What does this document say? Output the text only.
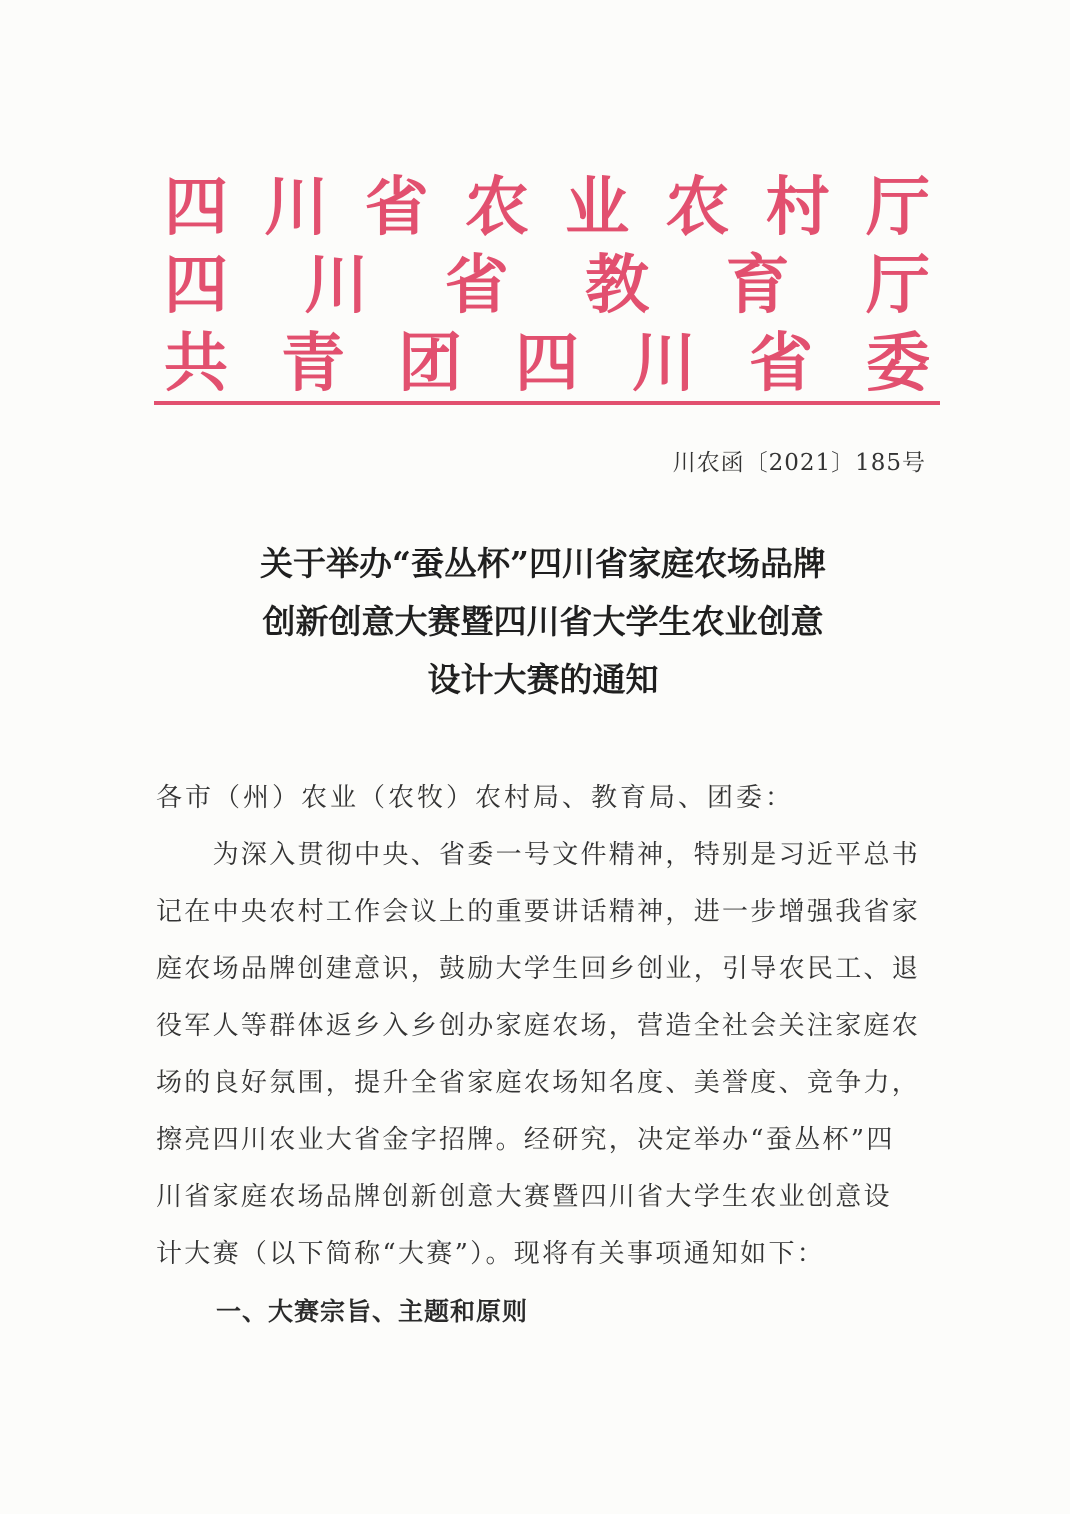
四 川 省 农 业 农 村 厅
四 川 省 教 育 厅
共 青 团 四 川 省 委
川农函〔2021〕185号
关于举办“蚕丛杯”四川省家庭农场品牌
创新创意大赛暨四川省大学生农业创意
设计大赛的通知
各市（州）农业（农牧）农村局、教育局、团委：
　　为深入贯彻中央、省委一号文件精神，特别是习近平总书
记在中央农村工作会议上的重要讲话精神，进一步增强我省家
庭农场品牌创建意识，鼓励大学生回乡创业，引导农民工、退
役军人等群体返乡入乡创办家庭农场，营造全社会关注家庭农
场的良好氛围，提升全省家庭农场知名度、美誉度、竞争力，
擦亮四川农业大省金字招牌。经研究，决定举办“蚕丛杯”四
川省家庭农场品牌创新创意大赛暨四川省大学生农业创意设
计大赛（以下简称“大赛”）。现将有关事项通知如下：
一、大赛宗旨、主题和原则
